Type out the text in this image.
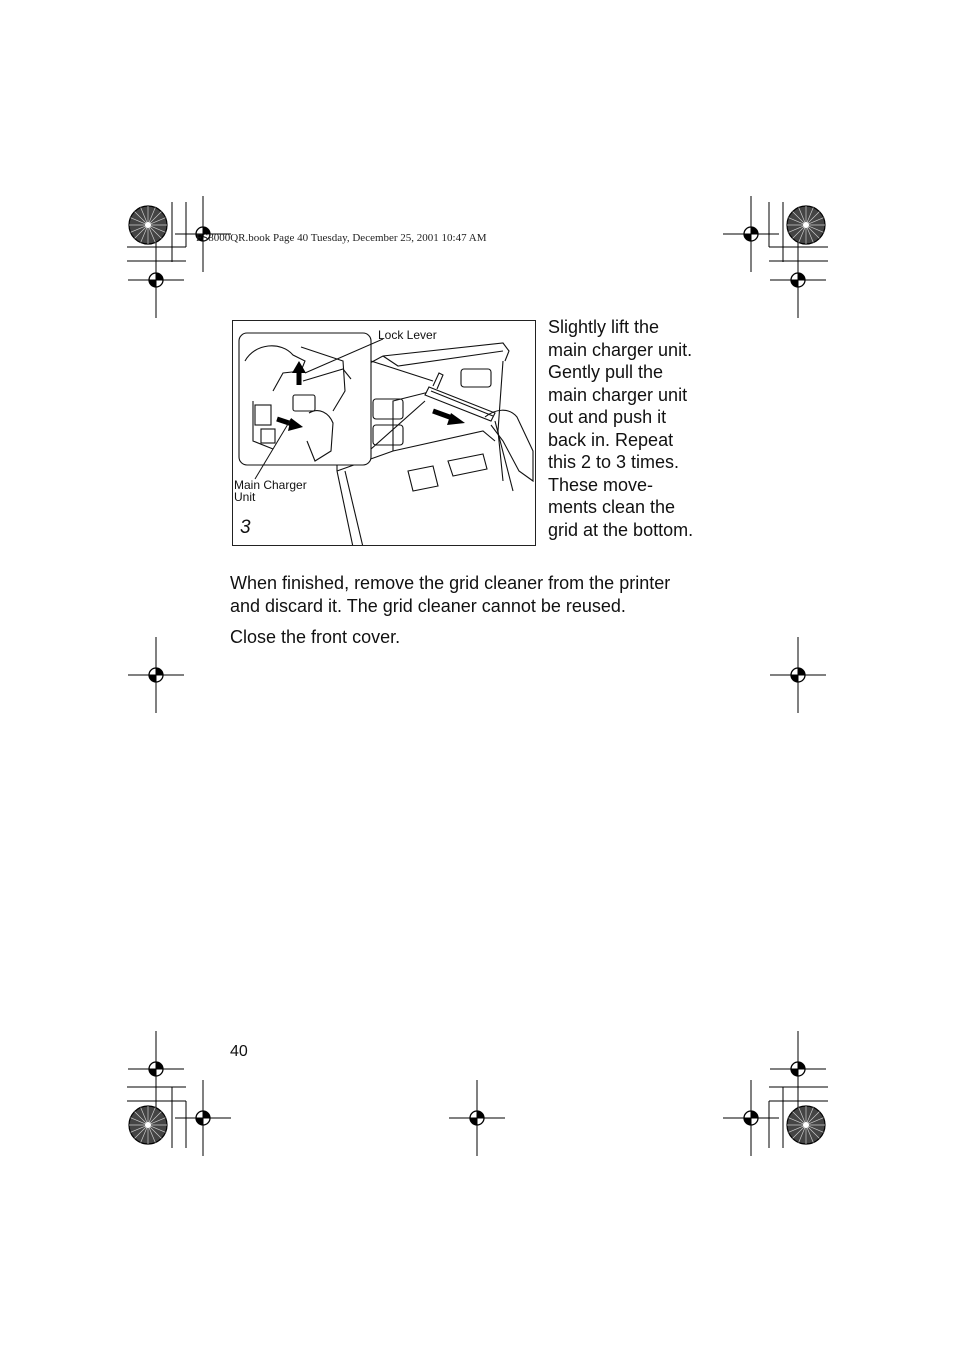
FS8000QR.book Page 40 Tuesday, December 25, 2001 10:47 AM
Lock Lever
Main Charger
Unit
3
Slightly lift the
main charger unit.
Gently pull the
main charger unit
out and push it
back in. Repeat
this 2 to 3 times.
These move-
ments clean the
grid at the bottom.
When finished, remove the grid cleaner from the printer
and discard it. The grid cleaner cannot be reused.
Close the front cover.
40
